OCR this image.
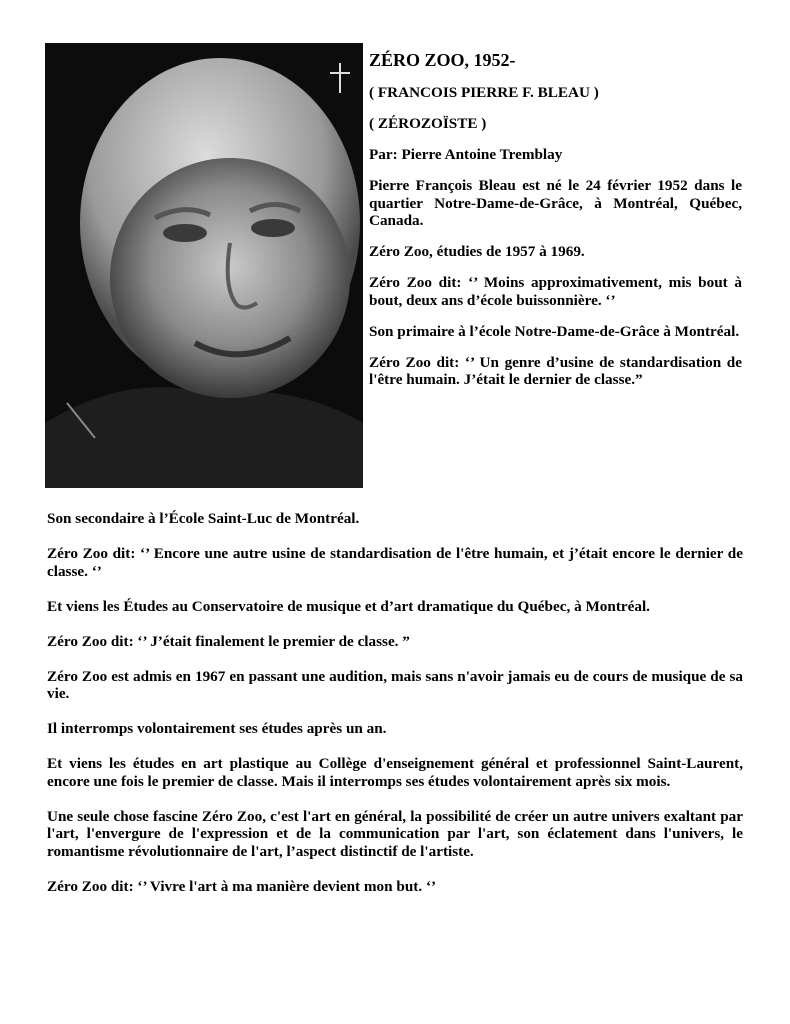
ZÉRO ZOO, 1952-

( FRANCOIS PIERRE F. BLEAU )

( ZÉROZOÏSTE )

Par: Pierre Antoine Tremblay

Pierre François Bleau est né le 24 février 1952 dans le quartier Notre-Dame-de-Grâce, à Montréal, Québec, Canada.

Zéro Zoo, étudies de 1957 à 1969.

Zéro Zoo dit: ‘’ Moins approximativement, mis bout à bout, deux ans d’école buissonnière. ‘’

Son primaire à l’école Notre-Dame-de-Grâce à Montréal.

Zéro Zoo dit: ‘’ Un genre d’usine de standardisation de l'être humain. J’était le dernier de classe.”

Son secondaire à l’École Saint-Luc de Montréal.

Zéro Zoo dit: ‘’ Encore une autre usine de standardisation de l'être humain, et j’était encore le dernier de classe. ‘’

Et viens les Études au Conservatoire de musique et d’art dramatique du Québec, à Montréal.

Zéro Zoo dit: ‘’ J’était finalement le premier de classe. ”

Zéro Zoo est admis en 1967 en passant une audition, mais sans n'avoir jamais eu de cours de musique de sa vie.

Il interromps volontairement ses études après un an.

Et viens les études en art plastique au Collège d'enseignement général et professionnel Saint-Laurent, encore une fois le premier de classe. Mais il interromps ses études volontairement après six mois.

Une seule chose fascine Zéro Zoo, c'est l'art en général, la possibilité de créer un autre univers exaltant par l'art, l'envergure de l'expression et de la communication par l'art, son éclatement dans l'univers, le romantisme révolutionnaire de l'art, l’aspect distinctif de l'artiste.

Zéro Zoo dit: ‘’ Vivre l'art à ma manière devient mon but. ‘’
